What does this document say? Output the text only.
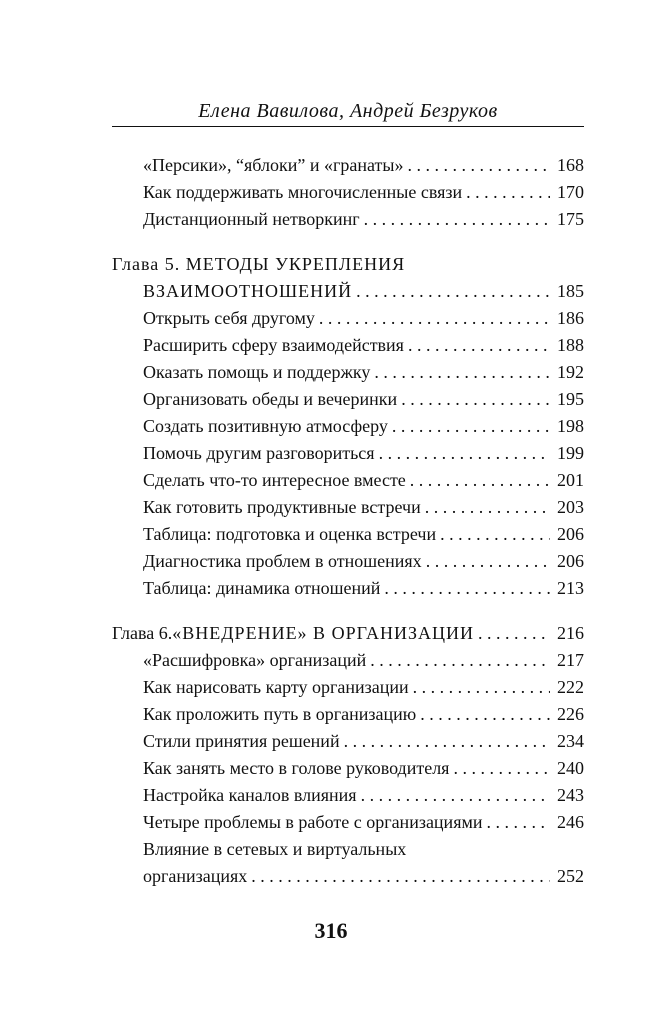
Елена Вавилова, Андрей Безруков
«Персики», “яблоки” и «гранаты» . . .	168
Как поддерживать многочисленные связи . . .	170
Дистанционный нетворкинг . . .	175
Глава 5. МЕТОДЫ УКРЕПЛЕНИЯ
ВЗАИМООТНОШЕНИЙ . . .	185
Открыть себя другому . . .	186
Расширить сферу взаимодействия . . .	188
Оказать помощь и поддержку . . .	192
Организовать обеды и вечеринки . . .	195
Создать позитивную атмосферу . . .	198
Помочь другим разговориться . . .	199
Сделать что-то интересное вместе . . .	201
Как готовить продуктивные встречи . . .	203
Таблица: подготовка и оценка встречи . . .	206
Диагностика проблем в отношениях . . .	206
Таблица: динамика отношений . . .	213
Глава 6. «ВНЕДРЕНИЕ» В ОРГАНИЗАЦИИ . . .	216
«Расшифровка» организаций . . .	217
Как нарисовать карту организации . . .	222
Как проложить путь в организацию . . .	226
Стили принятия решений . . .	234
Как занять место в голове руководителя . . .	240
Настройка каналов влияния . . .	243
Четыре проблемы в работе с организациями . . .	246
Влияние в сетевых и виртуальных
организациях . . .	252
316
